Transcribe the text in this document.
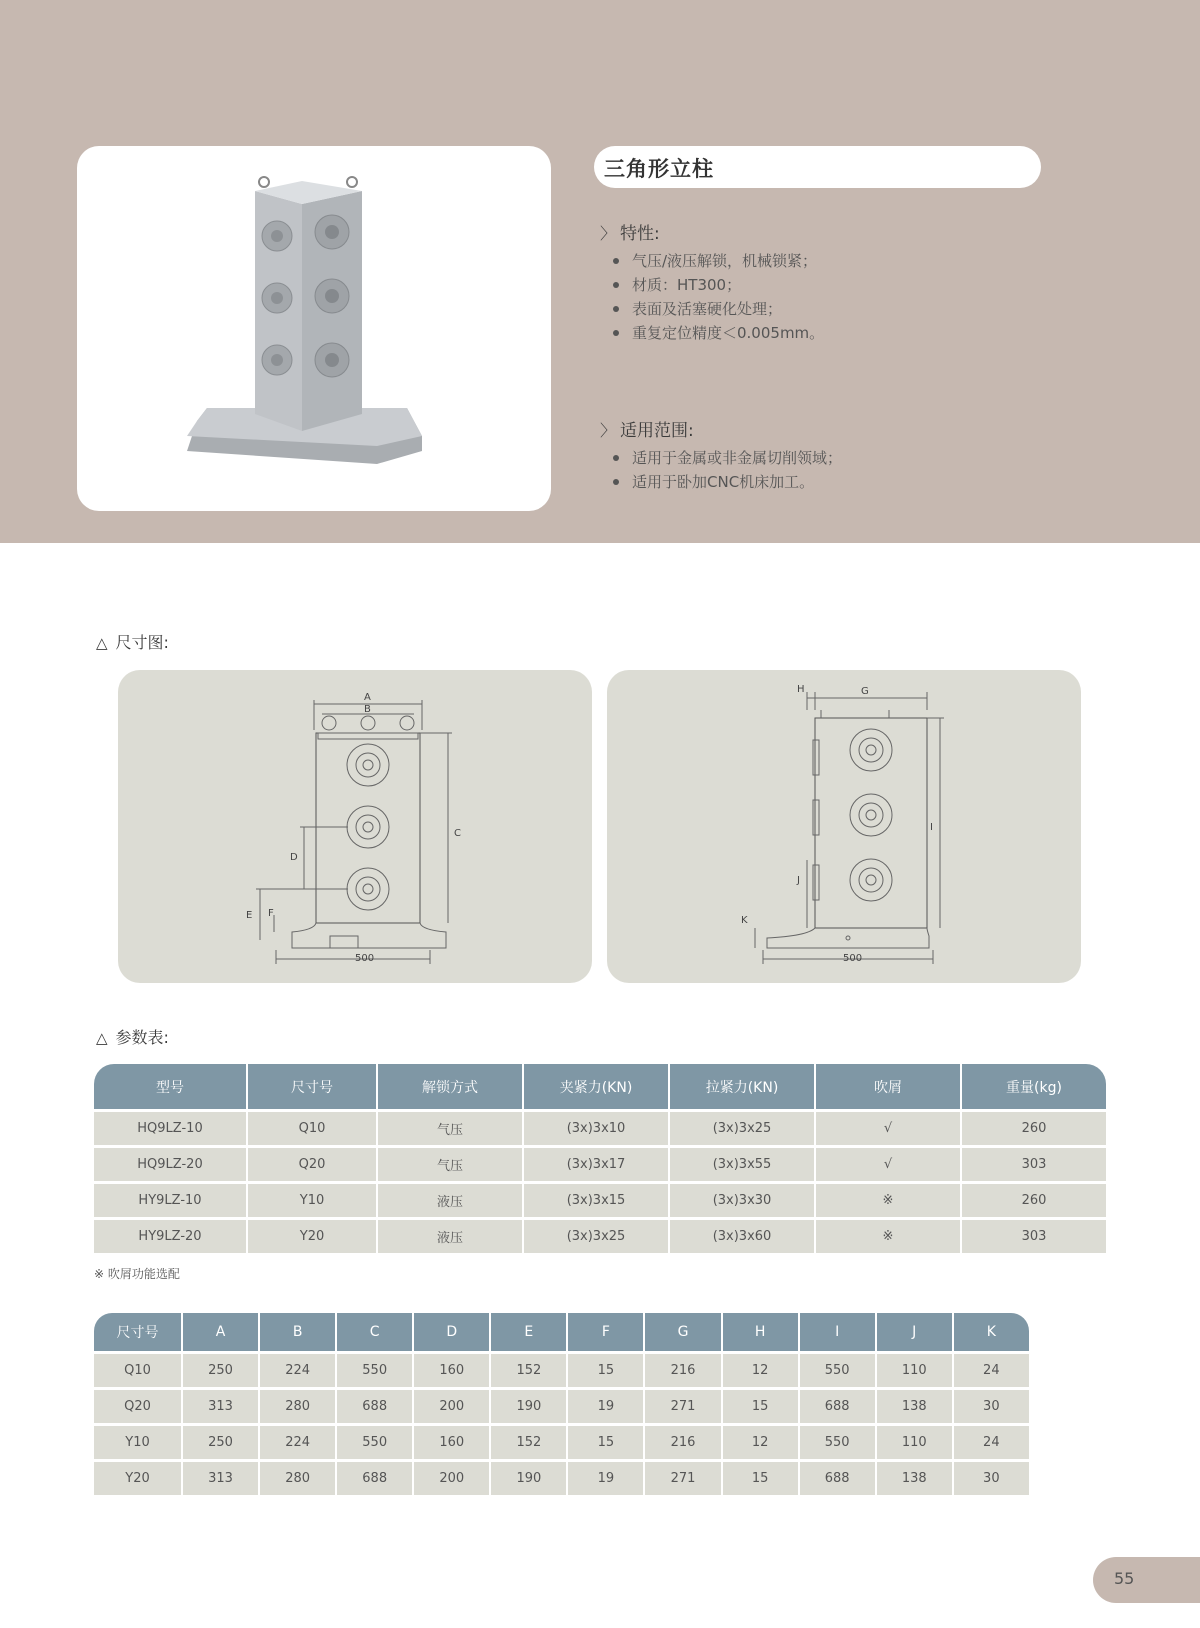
三角形立柱
〉 特性:
气压/液压解锁，机械锁紧；
材质：HT300；
表面及活塞硬化处理；
重复定位精度＜0.005mm。
〉 适用范围:
适用于金属或非金属切削领域；
适用于卧加CNC机床加工。
△ 尺寸图:
A
B
C
D
E F
500
H	G
I
J
K
500
△ 参数表:
型号	尺寸号	解锁方式	夹紧力(KN)	拉紧力(KN)	吹屑	重量(kg)
HQ9LZ-10	Q10	气压	(3x)3x10	(3x)3x25	√	260
HQ9LZ-20	Q20	气压	(3x)3x17	(3x)3x55	√	303
HY9LZ-10	Y10	液压	(3x)3x15	(3x)3x30	※	260
HY9LZ-20	Y20	液压	(3x)3x25	(3x)3x60	※	303
※ 吹屑功能选配
尺寸号	A	B	C	D	E	F	G	H	I	J	K
Q10	250	224	550	160	152	15	216	12	550	110	24
Q20	313	280	688	200	190	19	271	15	688	138	30
Y10	250	224	550	160	152	15	216	12	550	110	24
Y20	313	280	688	200	190	19	271	15	688	138	30
55
